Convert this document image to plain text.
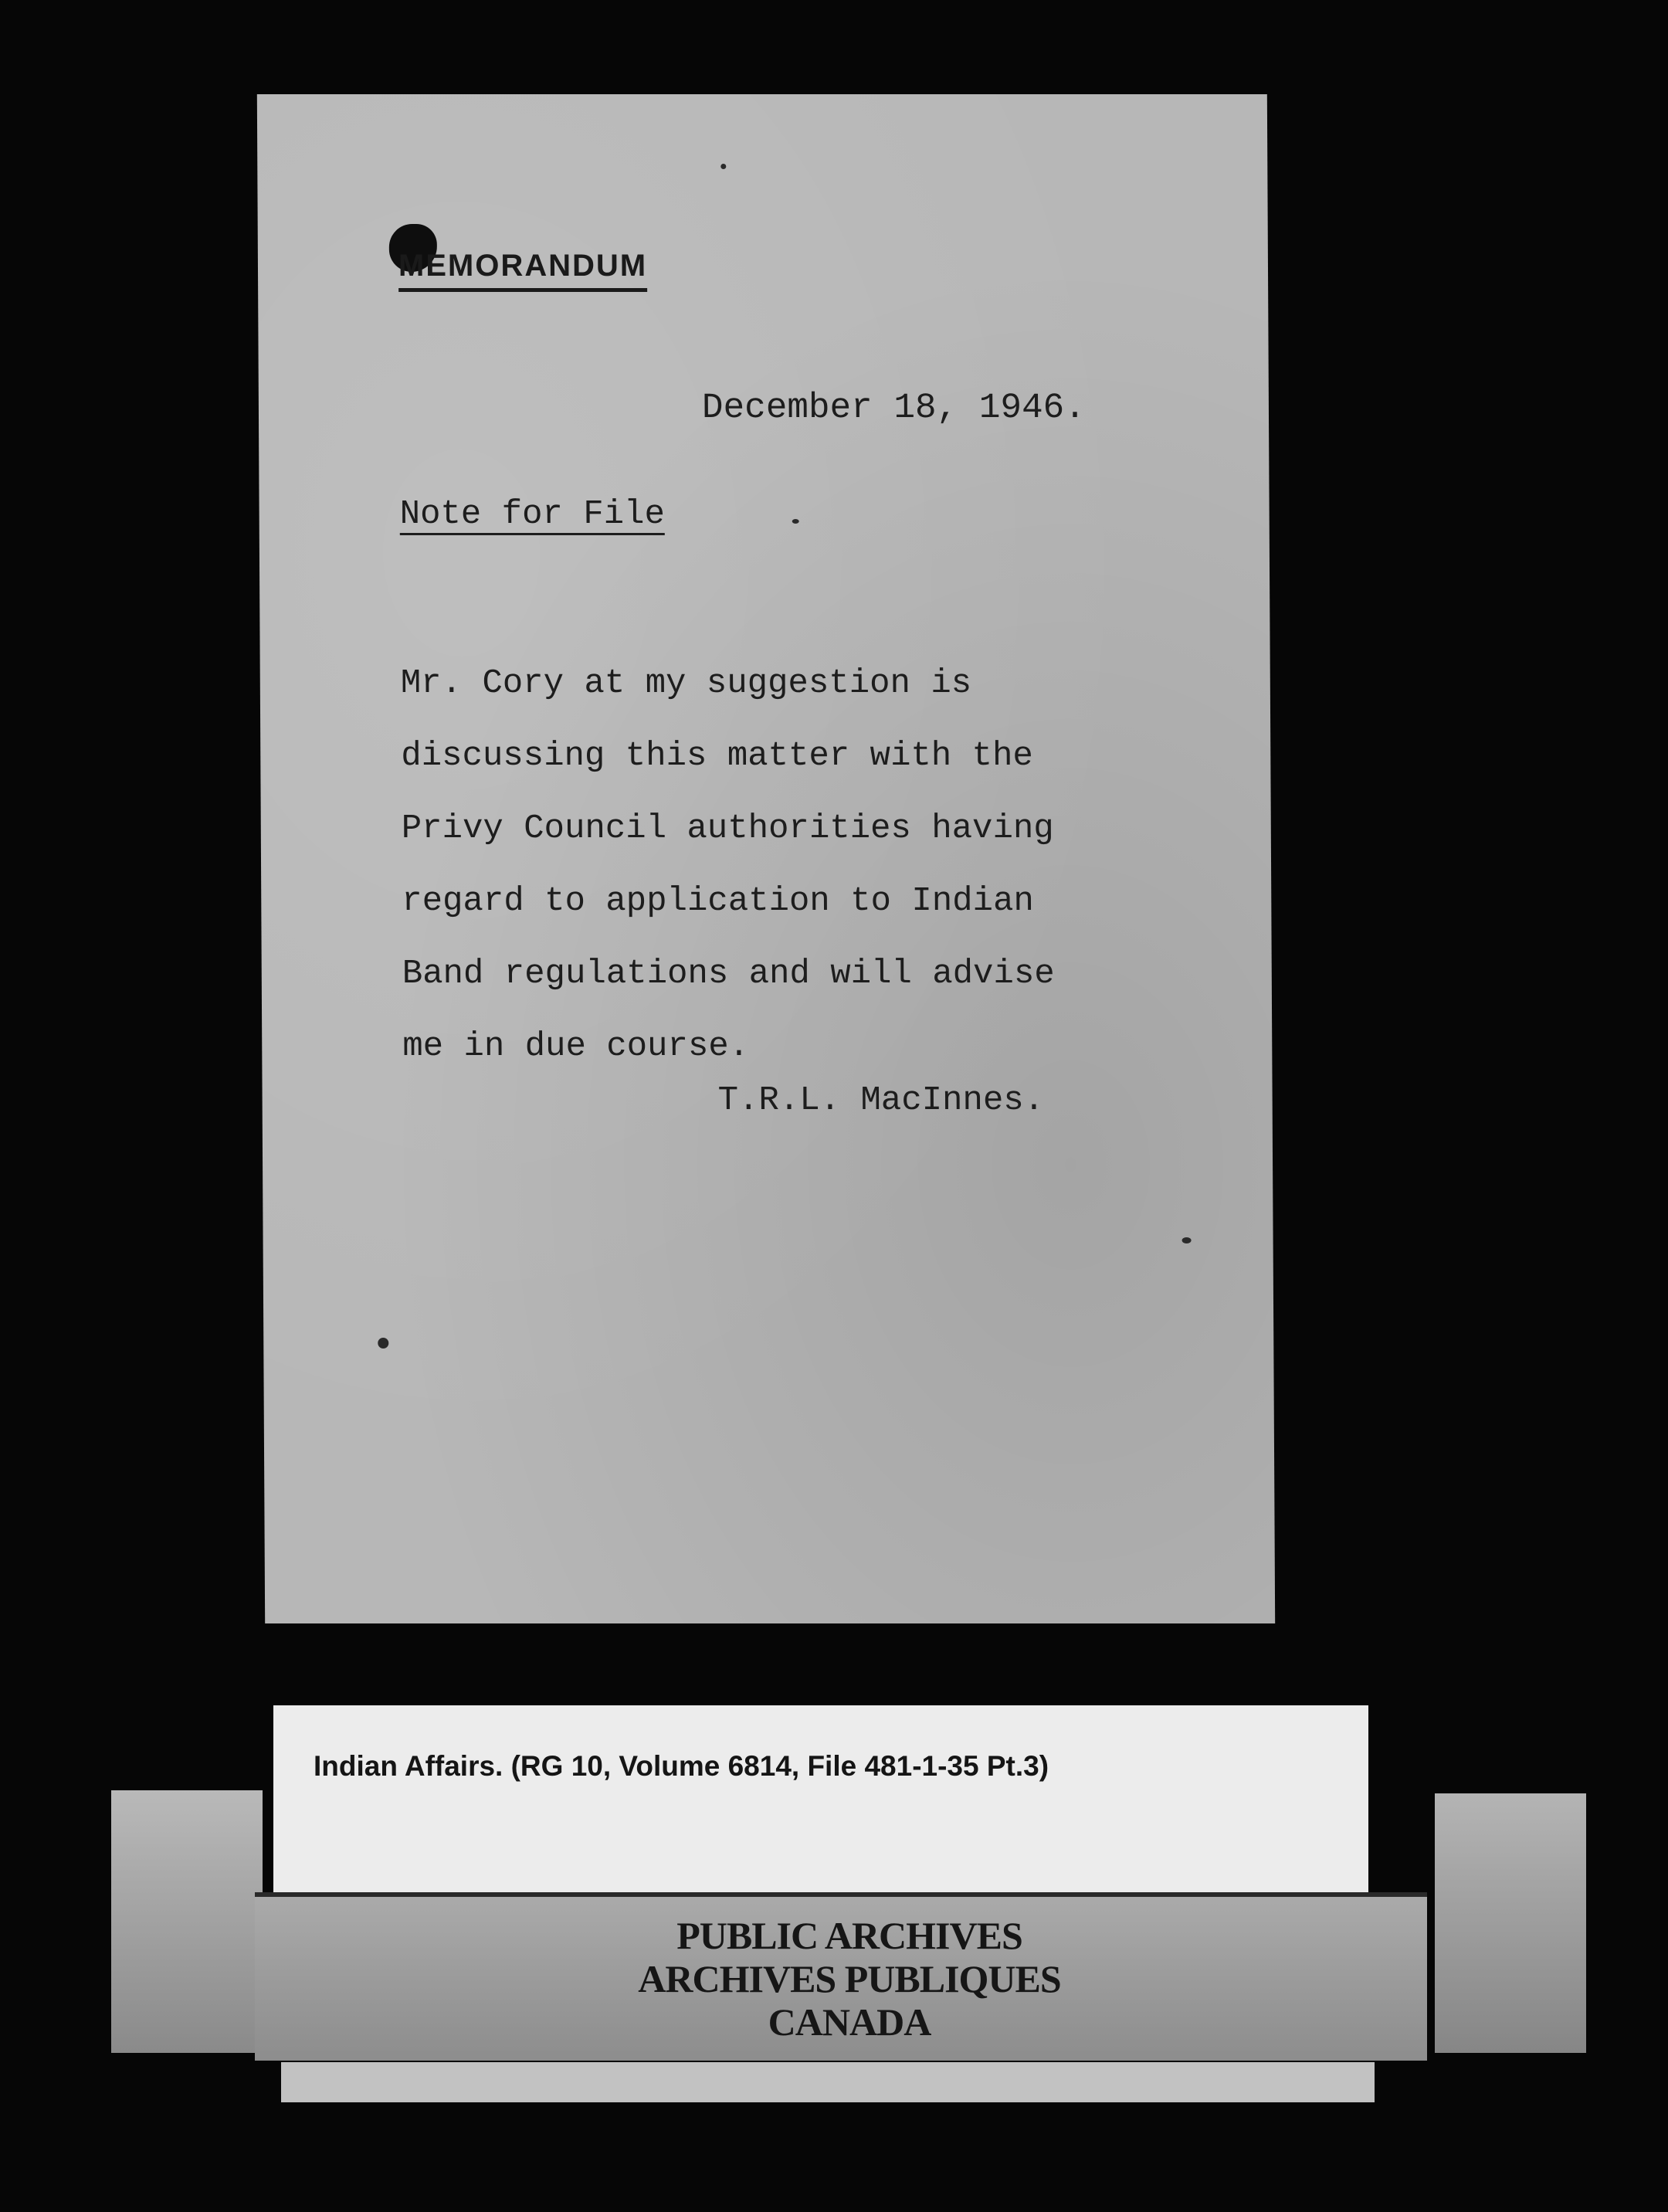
MEMORANDUM
December 18, 1946.
Note for File
Mr. Cory at my suggestion is
discussing this matter with the
Privy Council authorities having
regard to application to Indian
Band regulations and will advise
me in due course.
T.R.L. MacInnes.
Indian Affairs. (RG 10, Volume 6814, File 481-1-35 Pt.3)
PUBLIC ARCHIVES
ARCHIVES PUBLIQUES
CANADA
